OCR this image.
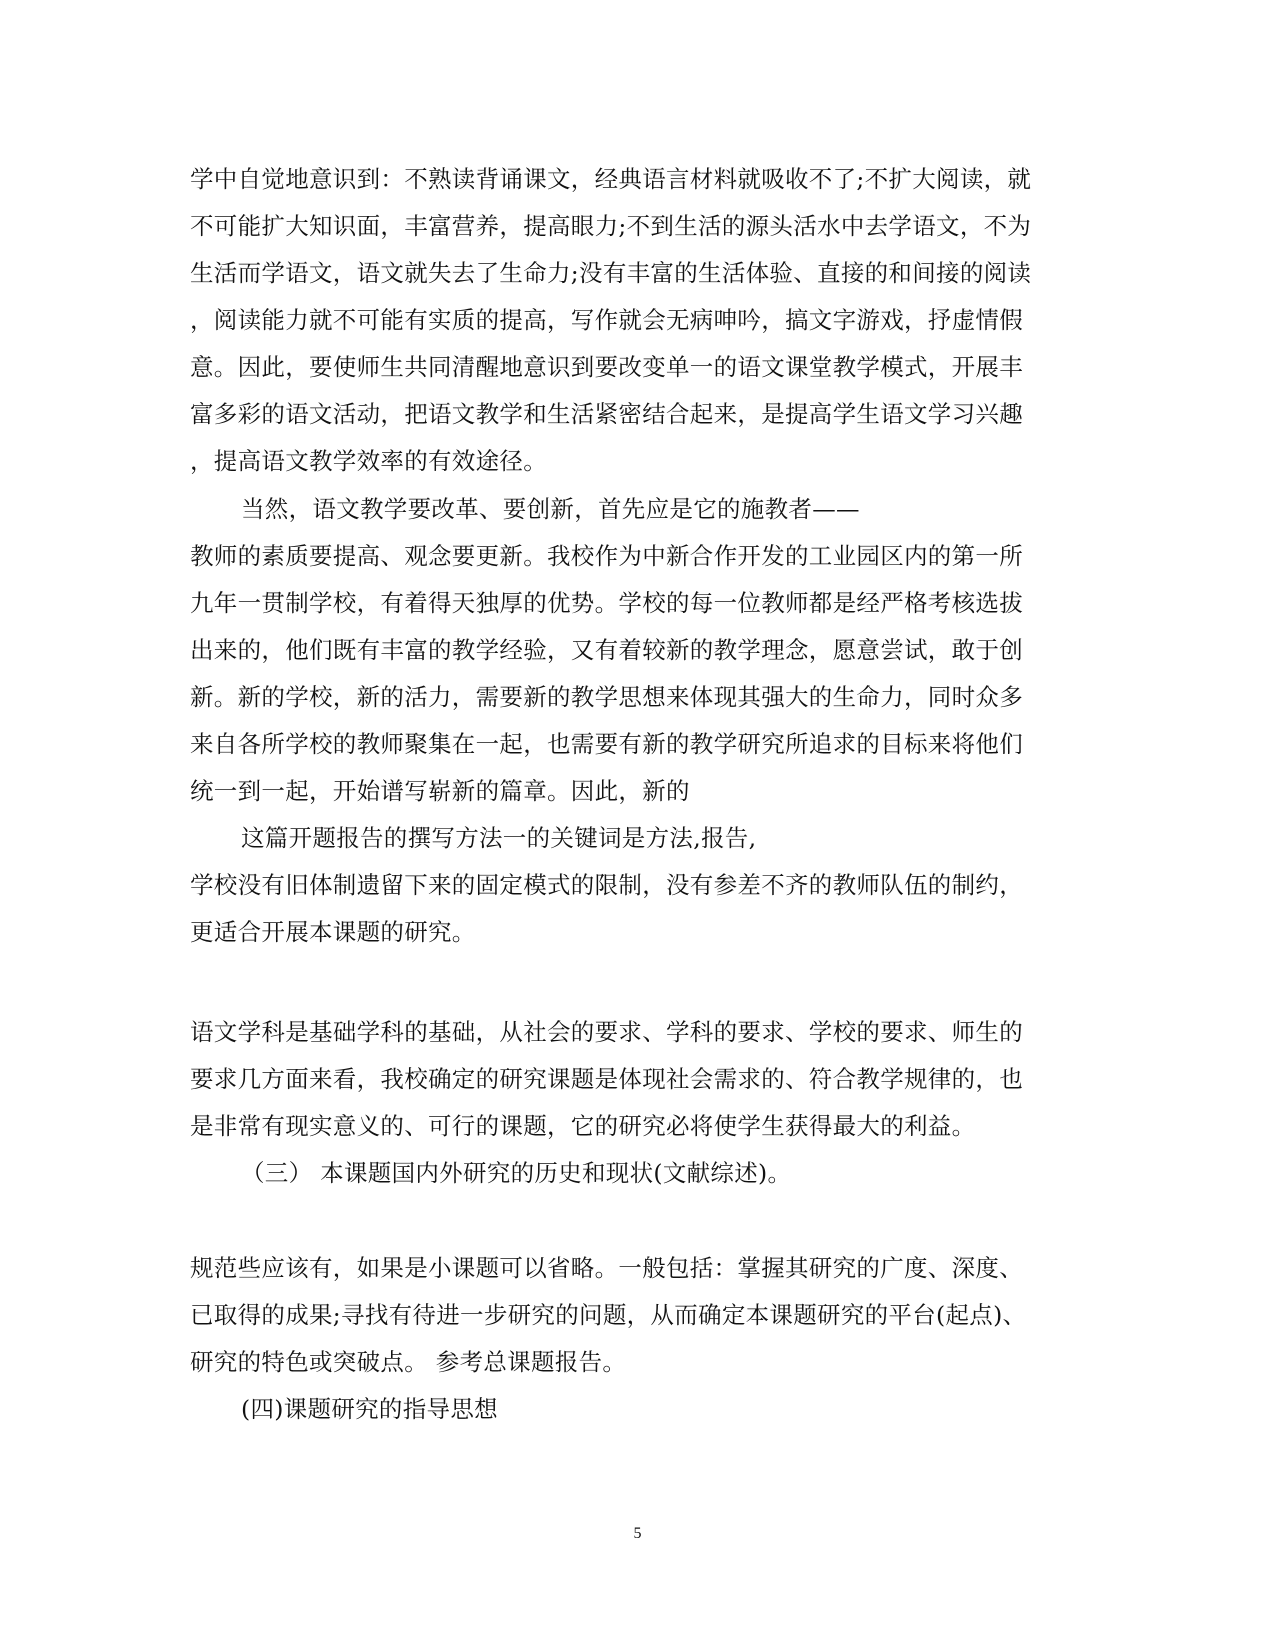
学中自觉地意识到：不熟读背诵课文，经典语言材料就吸收不了;不扩大阅读，就
不可能扩大知识面，丰富营养，提高眼力;不到生活的源头活水中去学语文，不为
生活而学语文，语文就失去了生命力;没有丰富的生活体验、直接的和间接的阅读
，阅读能力就不可能有实质的提高，写作就会无病呻吟，搞文字游戏，抒虚情假
意。因此，要使师生共同清醒地意识到要改变单一的语文课堂教学模式，开展丰
富多彩的语文活动，把语文教学和生活紧密结合起来，是提高学生语文学习兴趣
，提高语文教学效率的有效途径。
当然，语文教学要改革、要创新，首先应是它的施教者——
教师的素质要提高、观念要更新。我校作为中新合作开发的工业园区内的第一所
九年一贯制学校，有着得天独厚的优势。学校的每一位教师都是经严格考核选拔
出来的，他们既有丰富的教学经验，又有着较新的教学理念，愿意尝试，敢于创
新。新的学校，新的活力，需要新的教学思想来体现其强大的生命力，同时众多
来自各所学校的教师聚集在一起，也需要有新的教学研究所追求的目标来将他们
统一到一起，开始谱写崭新的篇章。因此，新的
这篇开题报告的撰写方法一的关键词是方法,报告,
学校没有旧体制遗留下来的固定模式的限制，没有参差不齐的教师队伍的制约，
更适合开展本课题的研究。
语文学科是基础学科的基础，从社会的要求、学科的要求、学校的要求、师生的
要求几方面来看，我校确定的研究课题是体现社会需求的、符合教学规律的，也
是非常有现实意义的、可行的课题，它的研究必将使学生获得最大的利益。
（三） 本课题国内外研究的历史和现状(文献综述)。
规范些应该有，如果是小课题可以省略。一般包括：掌握其研究的广度、深度、
已取得的成果;寻找有待进一步研究的问题，从而确定本课题研究的平台(起点)、
研究的特色或突破点。 参考总课题报告。
(四)课题研究的指导思想
5
